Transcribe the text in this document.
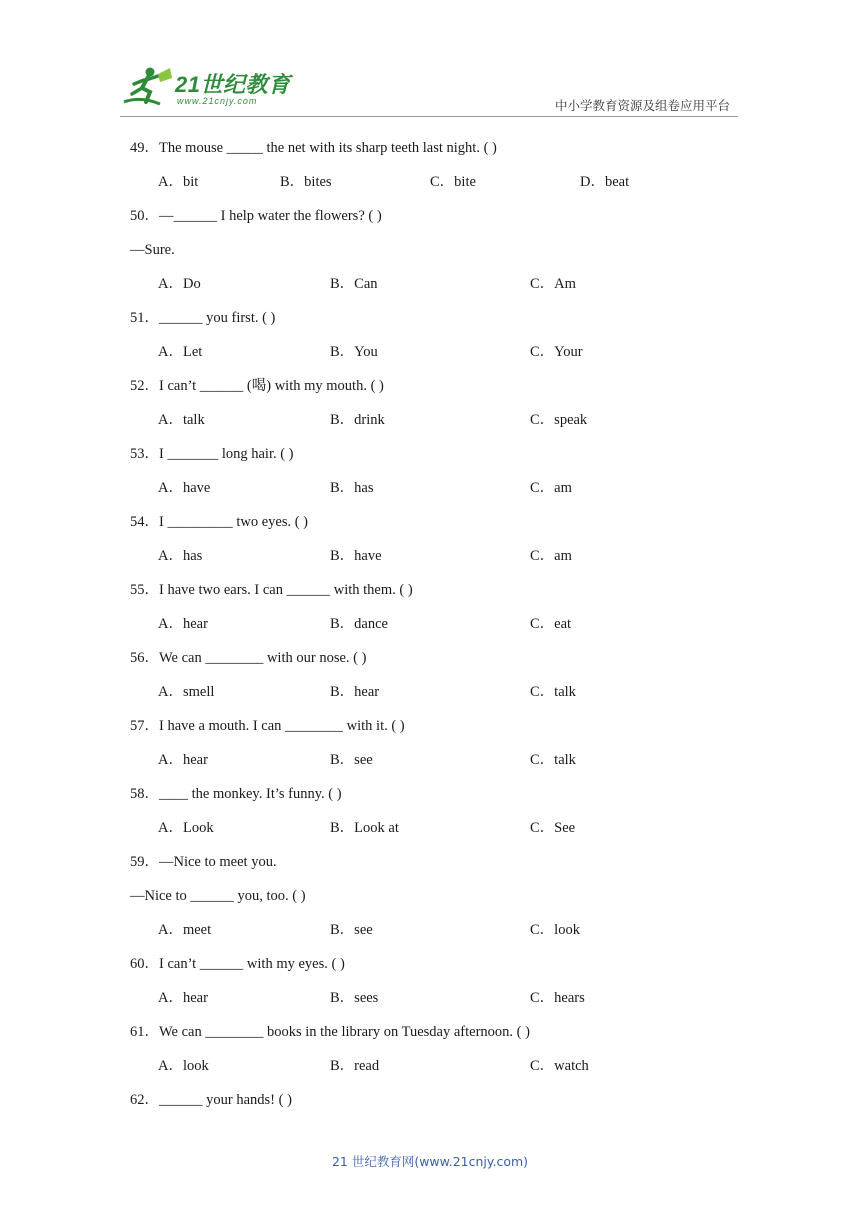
21世纪教育
www.21cnjy.com	中小学教育资源及组卷应用平台
49．The mouse _____ the net with its sharp teeth last night. ( )
A．bit	B．bites	C．bite	D．beat
50．—______ I help water the flowers? ( )
—Sure.
A．Do	B．Can	C．Am
51．______ you first. ( )
A．Let	B．You	C．Your
52．I can’t ______ (喝) with my mouth. ( )
A．talk	B．drink	C．speak
53．I _______ long hair. ( )
A．have	B．has	C．am
54．I _________ two eyes. ( )
A．has	B．have	C．am
55．I have two ears. I can ______ with them. ( )
A．hear	B．dance	C．eat
56．We can ________ with our nose. ( )
A．smell	B．hear	C．talk
57．I have a mouth. I can ________ with it. ( )
A．hear	B．see	C．talk
58．____ the monkey. It’s funny. ( )
A．Look	B．Look at	C．See
59．—Nice to meet you.
—Nice to ______ you, too. ( )
A．meet	B．see	C．look
60．I can’t ______ with my eyes. ( )
A．hear	B．sees	C．hears
61．We can ________ books in the library on Tuesday afternoon. ( )
A．look	B．read	C．watch
62．______ your hands! ( )
21 世纪教育网(www.21cnjy.com)
